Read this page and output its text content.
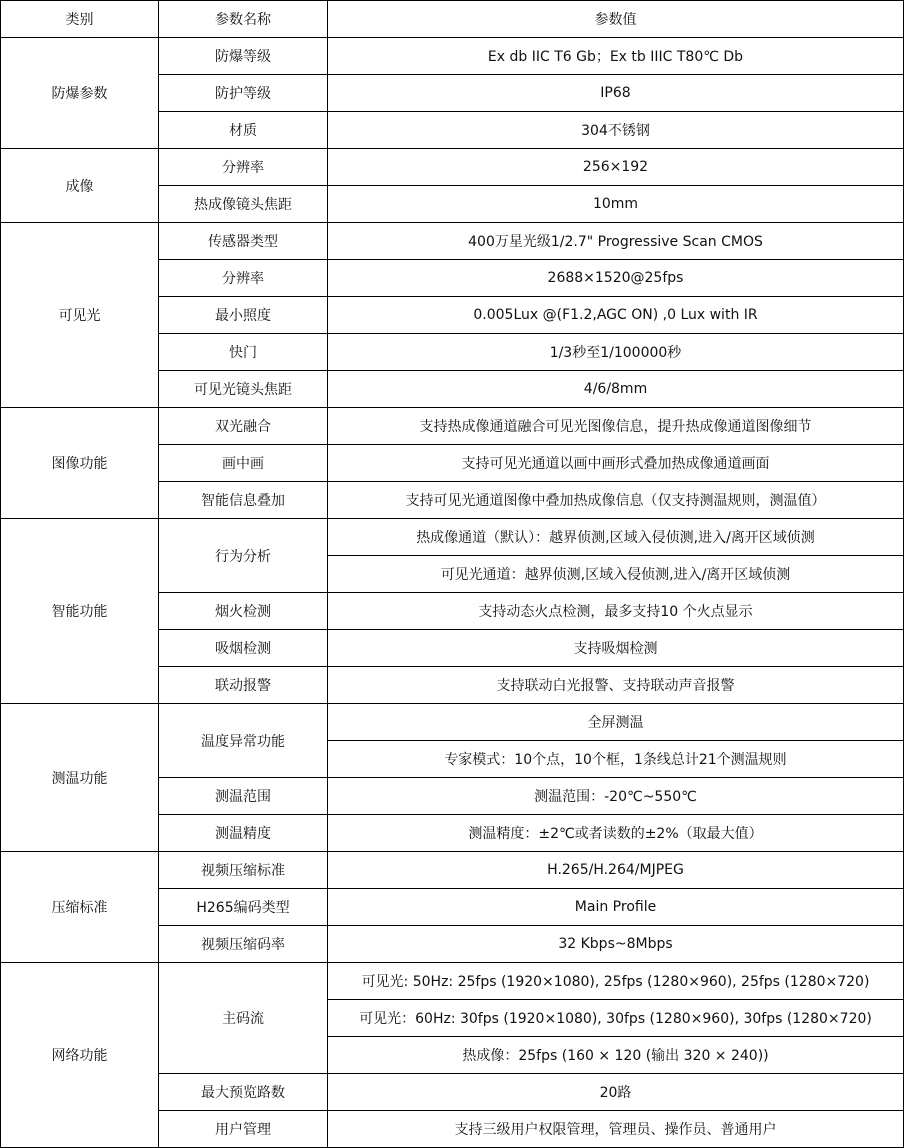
类别	参数名称	参数值
防爆参数	防爆等级	Ex db IIC T6 Gb；Ex tb IIIC T80℃ Db
	防护等级	IP68
	材质	304不锈钢
成像	分辨率	256×192
	热成像镜头焦距	10mm
可见光	传感器类型	400万星光级1/2.7" Progressive Scan CMOS
	分辨率	2688×1520@25fps
	最小照度	0.005Lux @(F1.2,AGC ON) ,0 Lux with IR
	快门	1/3秒至1/100000秒
	可见光镜头焦距	4/6/8mm
图像功能	双光融合	支持热成像通道融合可见光图像信息，提升热成像通道图像细节
	画中画	支持可见光通道以画中画形式叠加热成像通道画面
	智能信息叠加	支持可见光通道图像中叠加热成像信息（仅支持测温规则，测温值）
智能功能	行为分析	热成像通道（默认）：越界侦测,区域入侵侦测,进入/离开区域侦测
		可见光通道：越界侦测,区域入侵侦测,进入/离开区域侦测
	烟火检测	支持动态火点检测，最多支持10 个火点显示
	吸烟检测	支持吸烟检测
	联动报警	支持联动白光报警、支持联动声音报警
测温功能	温度异常功能	全屏测温
		专家模式：10个点，10个框，1条线总计21个测温规则
	测温范围	测温范围：-20℃~550℃
	测温精度	测温精度：±2℃或者读数的±2%（取最大值）
压缩标准	视频压缩标准	H.265/H.264/MJPEG
	H265编码类型	Main Profile
	视频压缩码率	32 Kbps~8Mbps
网络功能	主码流	可见光: 50Hz: 25fps (1920×1080), 25fps (1280×960), 25fps (1280×720)
		可见光：60Hz: 30fps (1920×1080), 30fps (1280×960), 30fps (1280×720)
		热成像：25fps (160 × 120 (输出 320 × 240))
	最大预览路数	20路
	用户管理	支持三级用户权限管理，管理员、操作员、普通用户
